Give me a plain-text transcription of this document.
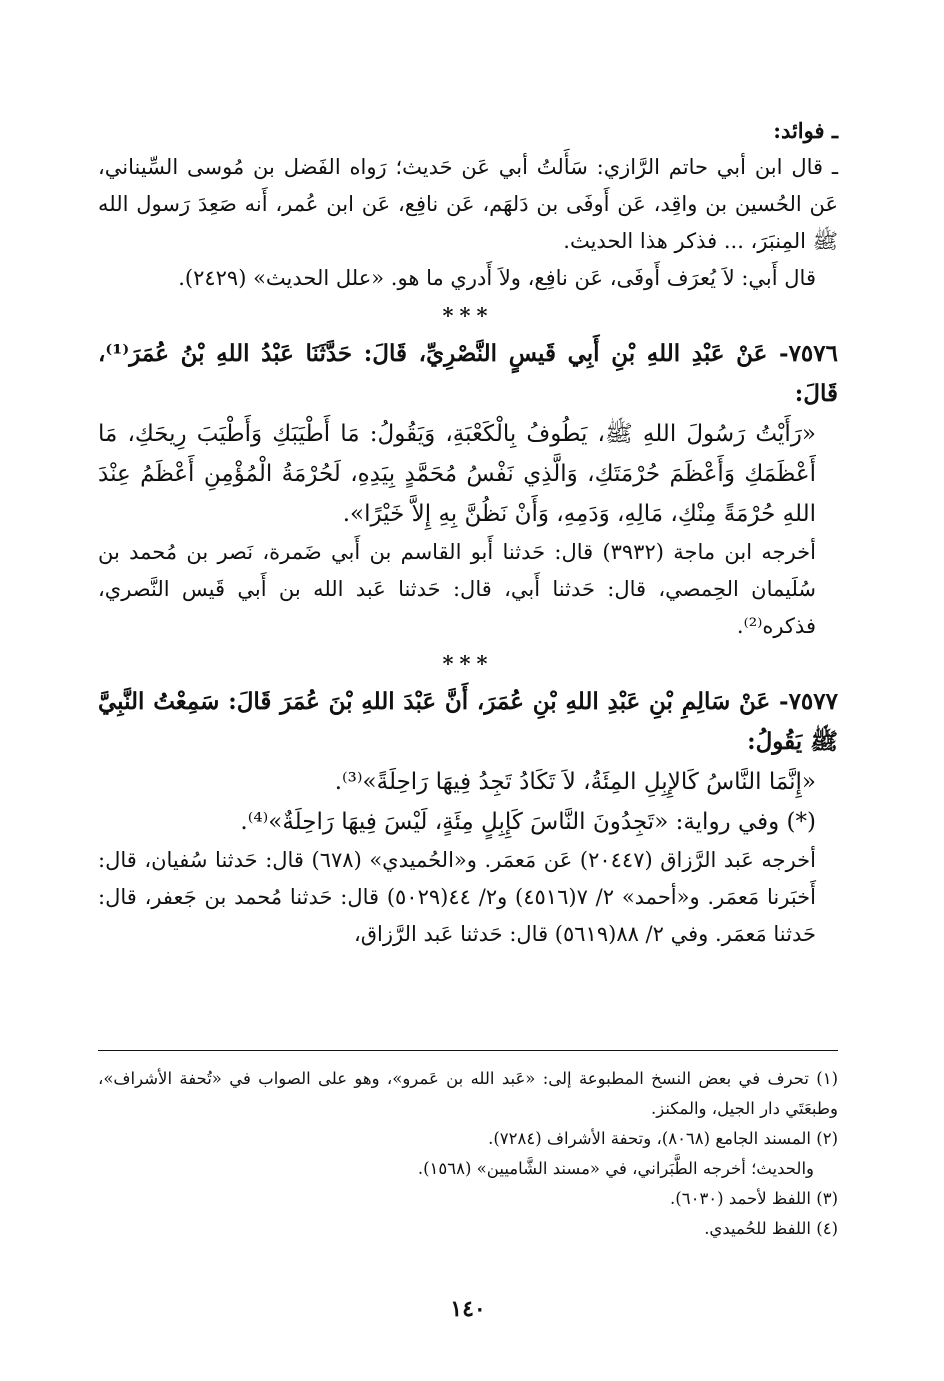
ـ فوائد:

ـ قال ابن أبي حاتم الرَّازي: سَأَلتُ أبي عَن حَديث؛ رَواه الفَضل بن مُوسى السِّيناني، عَن الحُسين بن واقِد، عَن أَوفَى بن دَلهَم، عَن نافِع، عَن ابن عُمر، أَنه صَعِدَ رَسول الله ﷺ المِنبَرَ، ... فذكر هذا الحديث.

قال أَبي: لاَ يُعرَف أَوفَى، عَن نافِع، ولاَ أَدري ما هو. «علل الحديث» (٢٤٢٩).

***

٧٥٧٦- عَنْ عَبْدِ اللهِ بْنِ أَبِي قَيسٍ النَّصْرِيِّ، قَالَ: حَدَّثَنَا عَبْدُ اللهِ بْنُ عُمَرَ⁽¹⁾، قَالَ:

«رَأَيْتُ رَسُولَ اللهِ ﷺ، يَطُوفُ بِالْكَعْبَةِ، وَيَقُولُ: مَا أَطْيَبَكِ وَأَطْيَبَ رِيحَكِ، مَا أَعْظَمَكِ وَأَعْظَمَ حُرْمَتَكِ، وَالَّذِي نَفْسُ مُحَمَّدٍ بِيَدِهِ، لَحُرْمَةُ الْمُؤْمِنِ أَعْظَمُ عِنْدَ اللهِ حُرْمَةً مِنْكِ، مَالِهِ، وَدَمِهِ، وَأَنْ نَظُنَّ بِهِ إِلاَّ خَيْرًا».

أخرجه ابن ماجة (٣٩٣٢) قال: حَدثنا أَبو القاسم بن أَبي ضَمرة، نَصر بن مُحمد بن سُلَيمان الحِمصي، قال: حَدثنا أَبي، قال: حَدثنا عَبد الله بن أَبي قَيس النَّصري، فذكره⁽²⁾.

***

٧٥٧٧- عَنْ سَالِمِ بْنِ عَبْدِ اللهِ بْنِ عُمَرَ، أَنَّ عَبْدَ اللهِ بْنَ عُمَرَ قَالَ: سَمِعْتُ النَّبِيَّ ﷺ يَقُولُ:

«إِنَّمَا النَّاسُ كَالإِبِلِ المِئَةُ، لاَ تَكَادُ تَجِدُ فِيهَا رَاحِلَةً»⁽³⁾.

(*) وفي رواية: «تَجِدُونَ النَّاسَ كَإِبِلٍ مِئَةٍ، لَيْسَ فِيهَا رَاحِلَةٌ»⁽⁴⁾.

أخرجه عَبد الرَّزاق (٢٠٤٤٧) عَن مَعمَر. و«الحُميدي» (٦٧٨) قال: حَدثنا سُفيان، قال: أَخبَرنا مَعمَر. و«أحمد» ٢/ ٧(٤٥١٦) و٢/ ٤٤(٥٠٢٩) قال: حَدثنا مُحمد بن جَعفر، قال: حَدثنا مَعمَر. وفي ٢/ ٨٨(٥٦١٩) قال: حَدثنا عَبد الرَّزاق،

(١) تحرف في بعض النسخ المطبوعة إلى: «عَبد الله بن عَمرو»، وهو على الصواب في «تُحفة الأشراف»، وطبعَتَي دار الجيل، والمكنز.

(٢) المسند الجامع (٨٠٦٨)، وتحفة الأشراف (٧٢٨٤).

والحديث؛ أخرجه الطَّبَراني، في «مسند الشَّاميين» (١٥٦٨).

(٣) اللفظ لأحمد (٦٠٣٠).

(٤) اللفظ للحُميدي.

١٤٠
